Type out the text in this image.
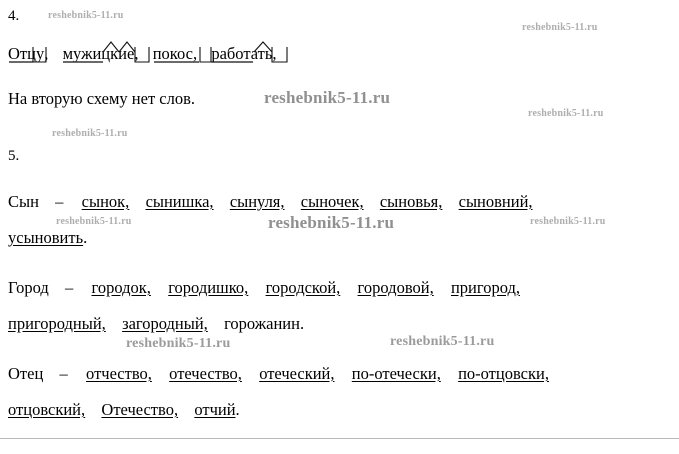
reshebnik5-11.ru
reshebnik5-11.ru
reshebnik5-11.ru
reshebnik5-11.ru
reshebnik5-11.ru
reshebnik5-11.ru	reshebnik5-11.ru	reshebnik5-11.ru
reshebnik5-11.ru	reshebnik5-11.ru
4.
Отцу
, мужицкие
, покос
, работать
,
На вторую схему нет слов.
5.
Сын – сынок, сынишка, сынуля, сыночек, сыновья, сыновний,
усыновить.
Город – городок, городишко, городской, городовой, пригород,
пригородный, загородный, горожанин.
Отец – отчество, отечество, отеческий, по-отечески, по-отцовски,
отцовский, Отечество, отчий.
